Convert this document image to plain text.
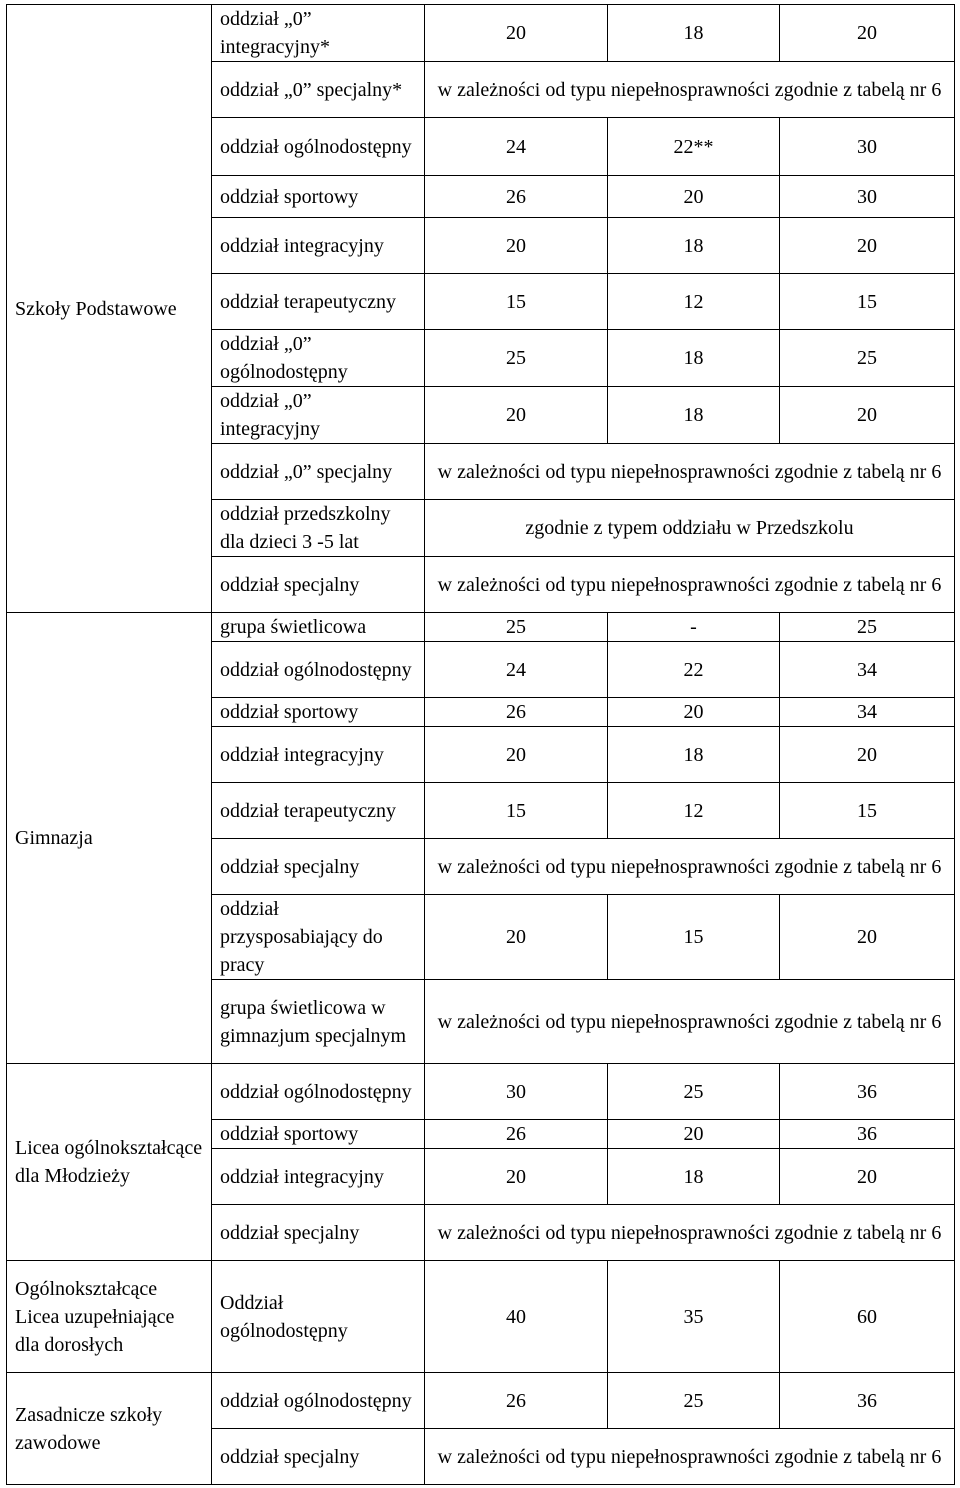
Szkoły Podstawowe	oddział „0” integracyjny*	20	18	20
	oddział „0” specjalny*	w zależności od typu niepełnosprawności zgodnie z tabelą nr 6		
	oddział ogólnodostępny	24	22**	30
	oddział sportowy	26	20	30
	oddział integracyjny	20	18	20
	oddział terapeutyczny	15	12	15
	oddział „0” ogólnodostępny	25	18	25
	oddział „0” integracyjny	20	18	20
	oddział „0” specjalny	w zależności od typu niepełnosprawności zgodnie z tabelą nr 6		
	oddział przedszkolny dla dzieci 3 -5 lat	zgodnie z typem oddziału w Przedszkolu		
	oddział specjalny	w zależności od typu niepełnosprawności zgodnie z tabelą nr 6		
Gimnazja	grupa świetlicowa	25	-	25
	oddział ogólnodostępny	24	22	34
	oddział sportowy	26	20	34
	oddział integracyjny	20	18	20
	oddział terapeutyczny	15	12	15
	oddział specjalny	w zależności od typu niepełnosprawności zgodnie z tabelą nr 6		
	oddział przysposabiający do pracy	20	15	20
	grupa świetlicowa w gimnazjum specjalnym	w zależności od typu niepełnosprawności zgodnie z tabelą nr 6		
Licea ogólnokształcące dla Młodzieży	oddział ogólnodostępny	30	25	36
	oddział sportowy	26	20	36
	oddział integracyjny	20	18	20
	oddział specjalny	w zależności od typu niepełnosprawności zgodnie z tabelą nr 6		
Ogólnokształcące Licea uzupełniające dla dorosłych	Oddział ogólnodostępny	40	35	60
Zasadnicze szkoły zawodowe	oddział ogólnodostępny	26	25	36
	oddział specjalny	w zależności od typu niepełnosprawności zgodnie z tabelą nr 6		
